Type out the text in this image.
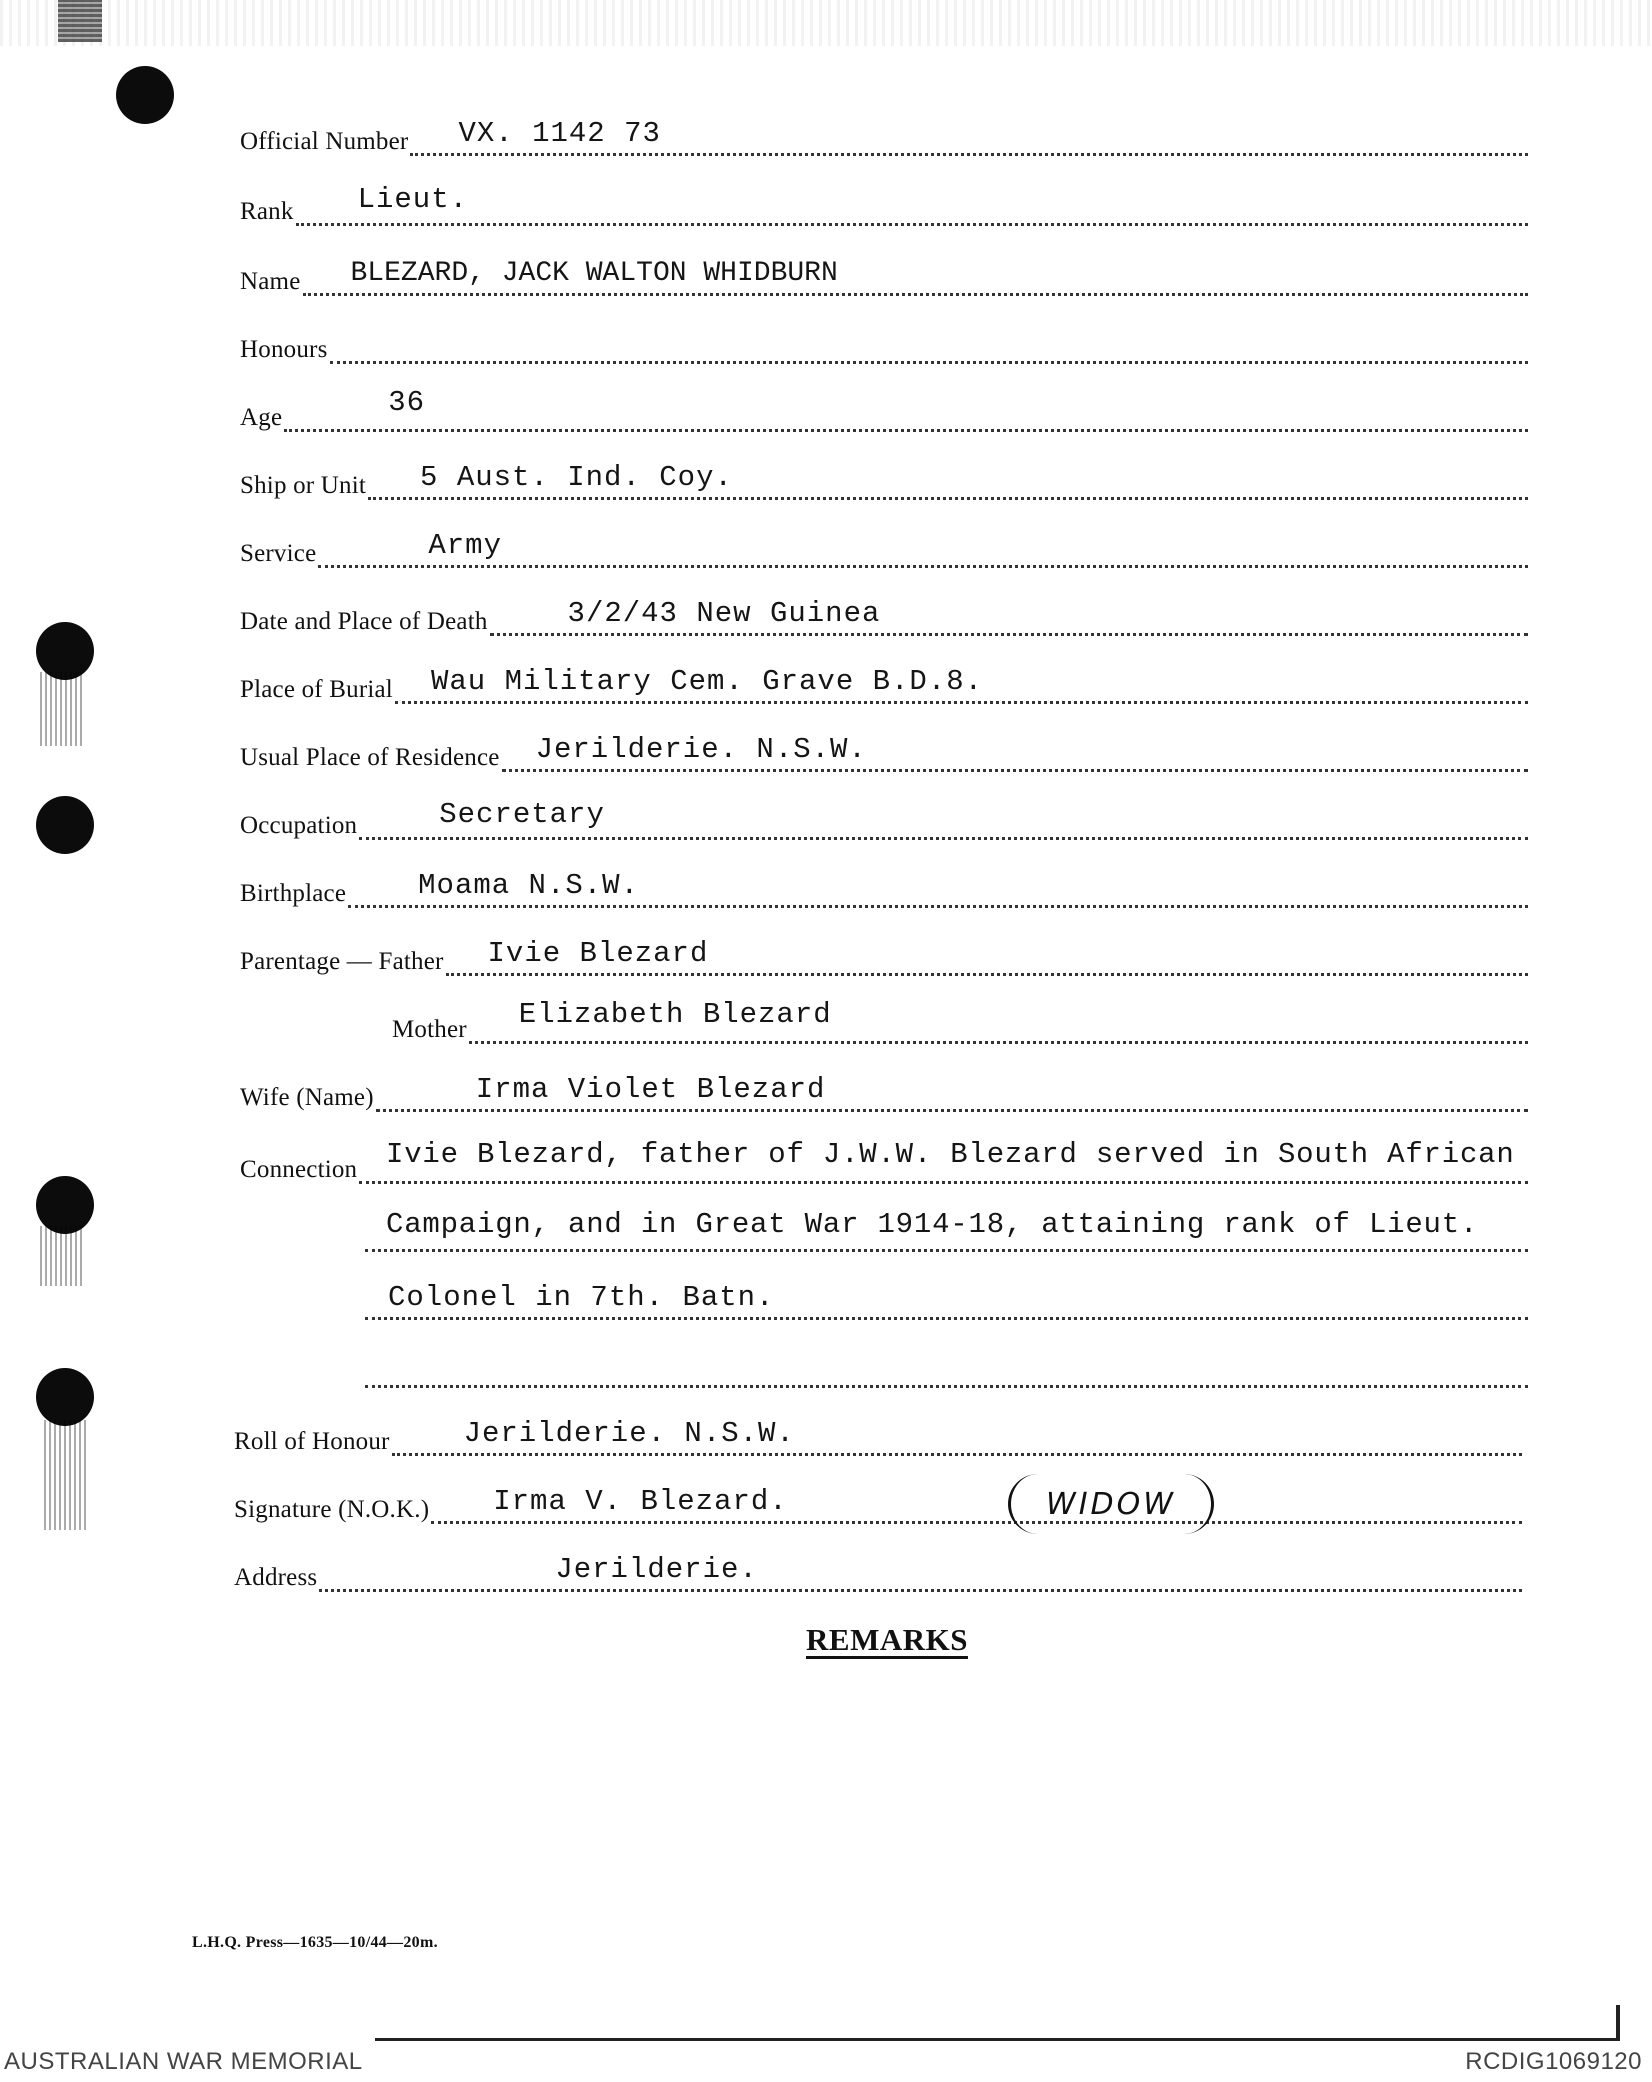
Official Number VX. 1142 73
Rank Lieut.
Name BLEZARD, JACK WALTON WHIDBURN
Honours
Age	36
Ship or Unit 5 Aust. Ind. Coy.
Service	Army
Date and Place of Death	3/2/43 New Guinea
Place of Burial Wau Military Cem. Grave B.D.8.
Usual Place of Residence Jerilderie. N.S.W.
Occupation	Secretary
Birthplace Moama N.S.W.
Parentage — Father Ivie Blezard
Mother Elizabeth Blezard
Wife (Name)	Irma Violet Blezard
Connection Ivie Blezard, father of J.W.W. Blezard served in South African
Campaign, and in Great War 1914-18, attaining rank of Lieut.
Colonel in 7th. Batn.
Roll of Honour	Jerilderie. N.S.W.
Signature (N.O.K.) Irma V. Blezard.	WIDOW
Address	Jerilderie.
REMARKS
L.H.Q. Press—1635—10/44—20m.
AUSTRALIAN WAR MEMORIAL	RCDIG1069120
